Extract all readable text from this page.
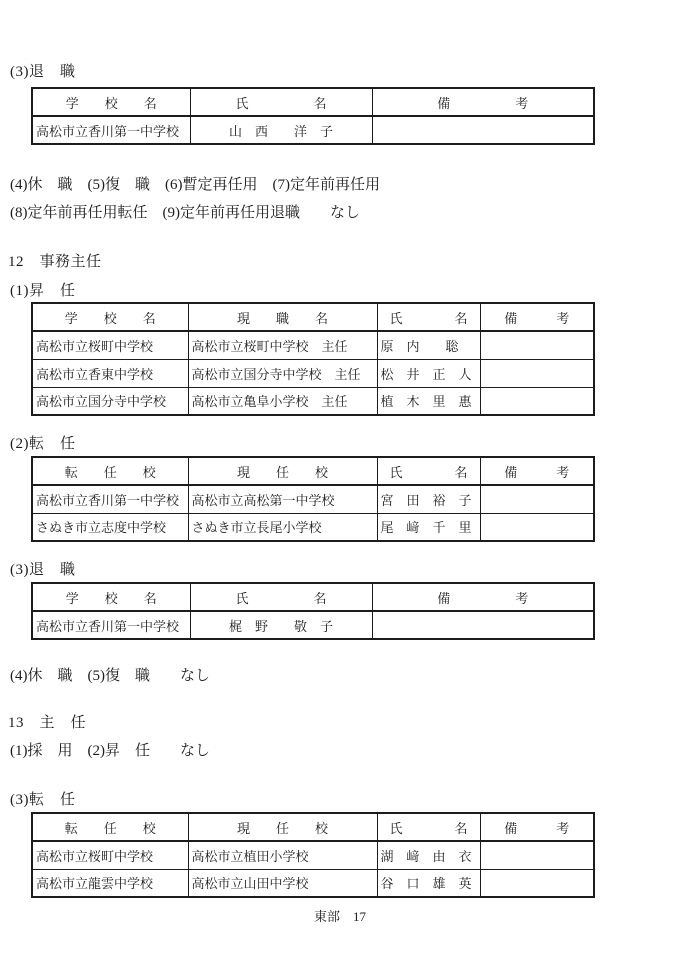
(3)退　職
学　　校　　名	氏　　　　　名	備　　　　　考
高松市立香川第一中学校	山　西　　洋　子	
(4)休　職　(5)復　職　(6)暫定再任用　(7)定年前再任用
(8)定年前再任用転任　(9)定年前再任用退職　　なし
12　事務主任
(1)昇　任
学　　校　　名	現　　職　　名	氏　　　　名	備　　　考
高松市立桜町中学校	高松市立桜町中学校　主任	原　内　　聡	
高松市立香東中学校	高松市立国分寺中学校　主任	松　井　正　人	
高松市立国分寺中学校	高松市立亀阜小学校　主任	植　木　里　惠	
(2)転　任
転　　任　　校	現　　任　　校	氏　　　　名	備　　　考
高松市立香川第一中学校	高松市立高松第一中学校	宮　田　裕　子	
さぬき市立志度中学校	さぬき市立長尾小学校	尾　﨑　千　里	
(3)退　職
学　　校　　名	氏　　　　　名	備　　　　　考
高松市立香川第一中学校	梶　野　　敬　子	
(4)休　職　(5)復　職　　なし
13　主　任
(1)採　用　(2)昇　任　　なし
(3)転　任
転　　任　　校	現　　任　　校	氏　　　　名	備　　　考
高松市立桜町中学校	高松市立植田小学校	湖　﨑　由　衣	
高松市立龍雲中学校	高松市立山田中学校	谷　口　雄　英	
東部　17
